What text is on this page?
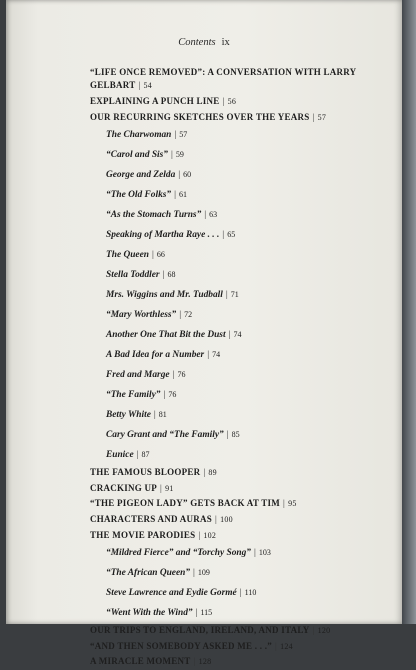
Contents ix
“LIFE ONCE REMOVED”: A CONVERSATION WITH LARRY GELBART | 54
EXPLAINING A PUNCH LINE | 56
OUR RECURRING SKETCHES OVER THE YEARS | 57
The Charwoman | 57
“Carol and Sis” | 59
George and Zelda | 60
“The Old Folks” | 61
“As the Stomach Turns” | 63
Speaking of Martha Raye . . . | 65
The Queen | 66
Stella Toddler | 68
Mrs. Wiggins and Mr. Tudball | 71
“Mary Worthless” | 72
Another One That Bit the Dust | 74
A Bad Idea for a Number | 74
Fred and Marge | 76
“The Family” | 76
Betty White | 81
Cary Grant and “The Family” | 85
Eunice | 87
THE FAMOUS BLOOPER | 89
CRACKING UP | 91
“THE PIGEON LADY” GETS BACK AT TIM | 95
CHARACTERS AND AURAS | 100
THE MOVIE PARODIES | 102
“Mildred Fierce” and “Torchy Song” | 103
“The African Queen” | 109
Steve Lawrence and Eydie Gormé | 110
“Went With the Wind” | 115
OUR TRIPS TO ENGLAND, IRELAND, AND ITALY | 120
“AND THEN SOMEBODY ASKED ME . . .” | 124
A MIRACLE MOMENT | 128
